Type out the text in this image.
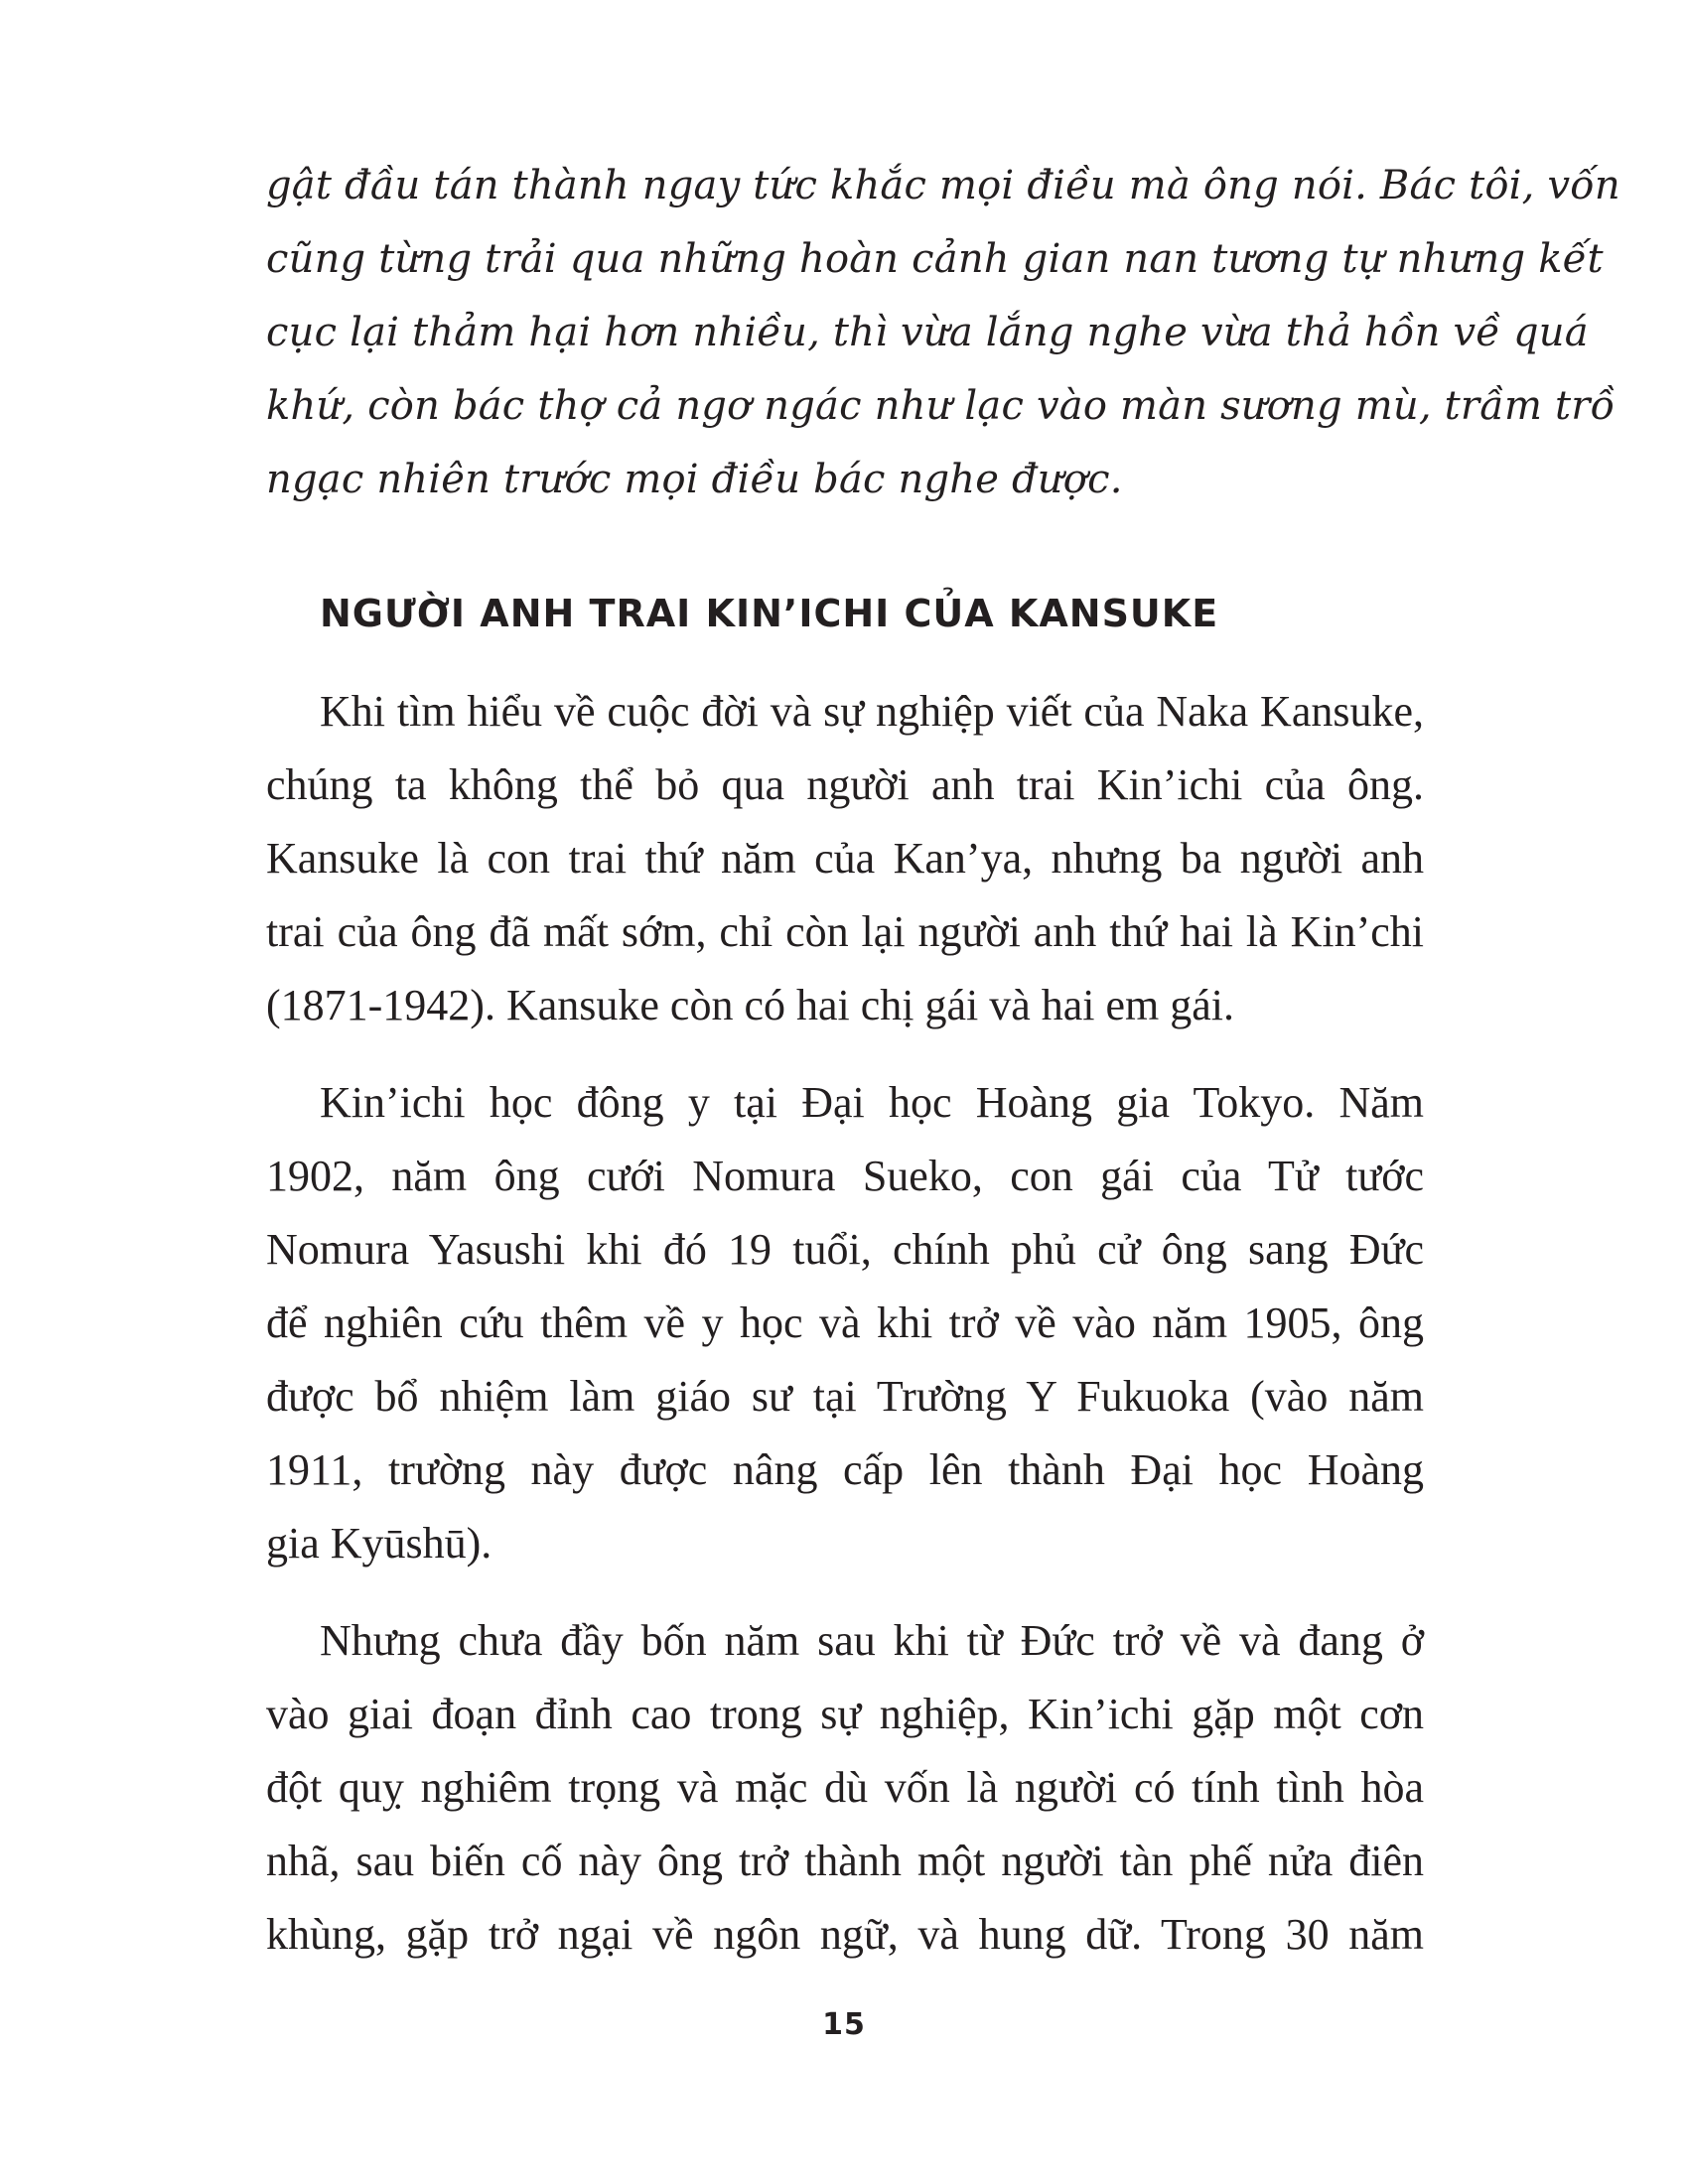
gật đầu tán thành ngay tức khắc mọi điều mà ông nói. Bác tôi, vốn
cũng từng trải qua những hoàn cảnh gian nan tương tự nhưng kết
cục lại thảm hại hơn nhiều, thì vừa lắng nghe vừa thả hồn về quá
khứ, còn bác thợ cả ngơ ngác như lạc vào màn sương mù, trầm trồ
ngạc nhiên trước mọi điều bác nghe được.

NGƯỜI ANH TRAI KIN’ICHI CỦA KANSUKE

Khi tìm hiểu về cuộc đời và sự nghiệp viết của Naka Kansuke,
chúng ta không thể bỏ qua người anh trai Kin’ichi của ông.
Kansuke là con trai thứ năm của Kan’ya, nhưng ba người anh
trai của ông đã mất sớm, chỉ còn lại người anh thứ hai là Kin’chi
(1871-1942). Kansuke còn có hai chị gái và hai em gái.

Kin’ichi học đông y tại Đại học Hoàng gia Tokyo. Năm
1902, năm ông cưới Nomura Sueko, con gái của Tử tước
Nomura Yasushi khi đó 19 tuổi, chính phủ cử ông sang Đức
để nghiên cứu thêm về y học và khi trở về vào năm 1905, ông
được bổ nhiệm làm giáo sư tại Trường Y Fukuoka (vào năm
1911, trường này được nâng cấp lên thành Đại học Hoàng
gia Kyūshū).

Nhưng chưa đầy bốn năm sau khi từ Đức trở về và đang ở
vào giai đoạn đỉnh cao trong sự nghiệp, Kin’ichi gặp một cơn
đột quỵ nghiêm trọng và mặc dù vốn là người có tính tình hòa
nhã, sau biến cố này ông trở thành một người tàn phế nửa điên
khùng, gặp trở ngại về ngôn ngữ, và hung dữ. Trong 30 năm

15
